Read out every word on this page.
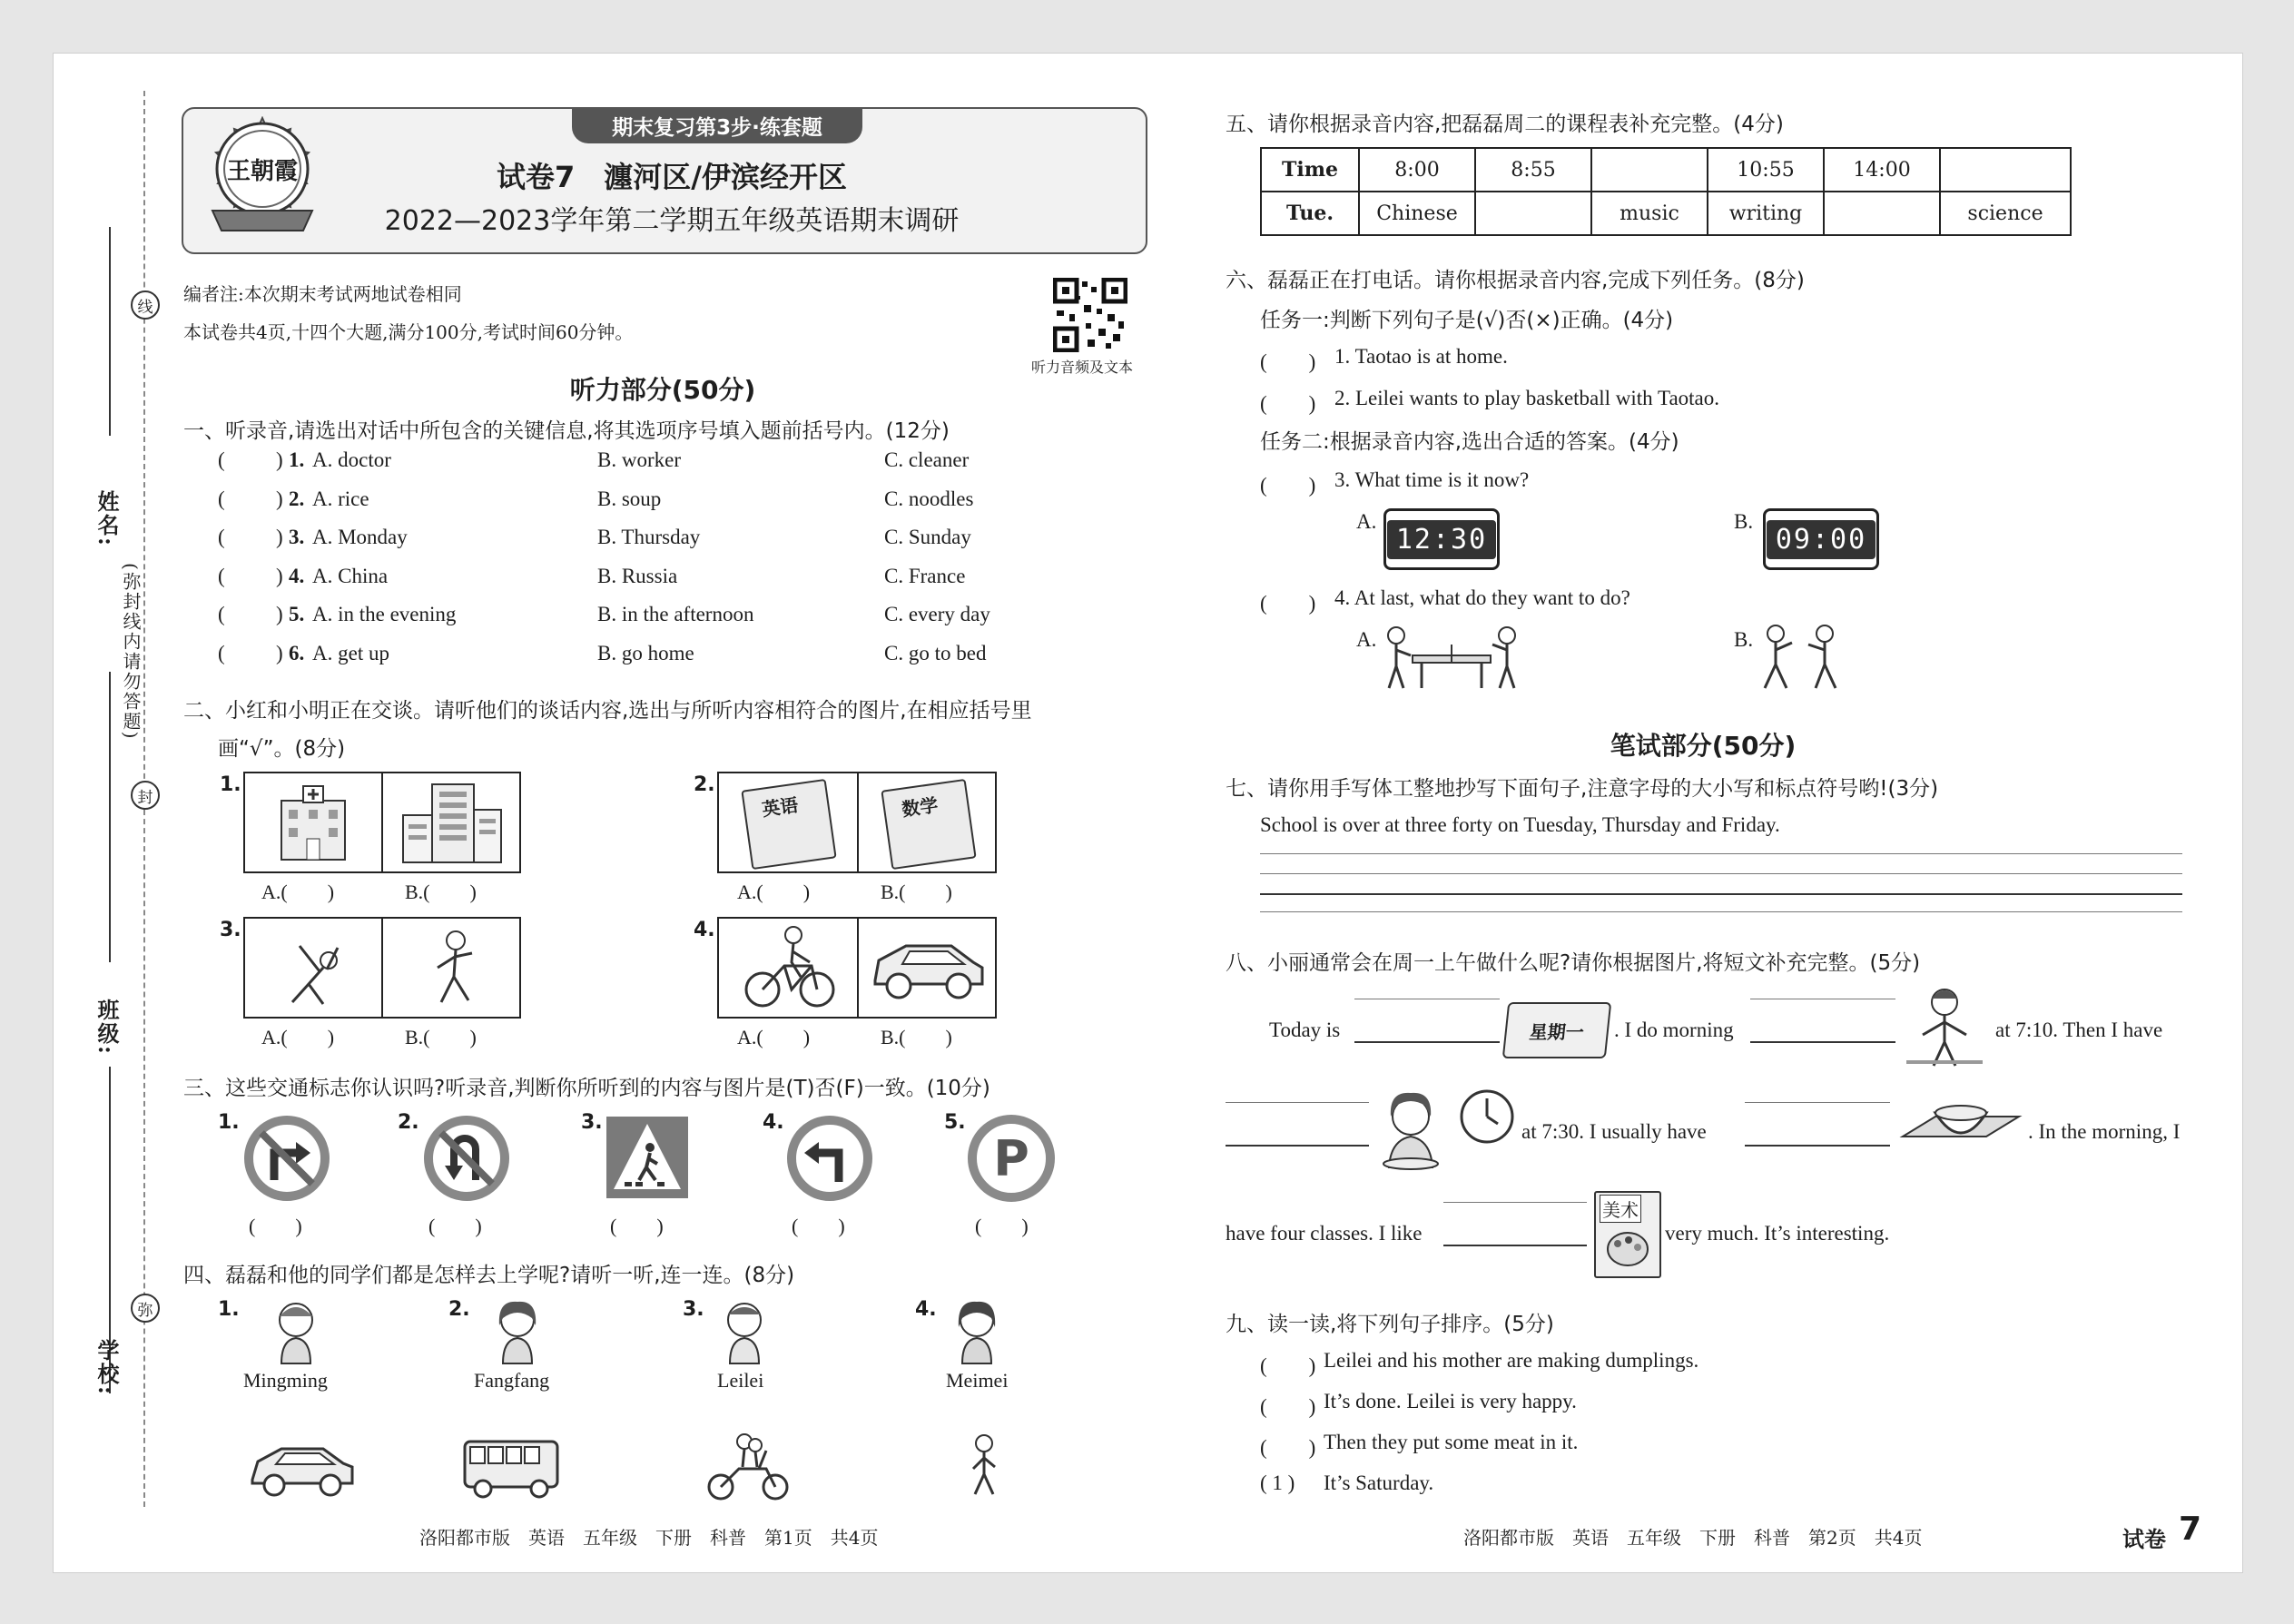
线
封
弥
(弥封线内请勿答题)
姓名:
班级:
学校:
王朝霞
期末复习第3步·练套题
试卷7　瀍河区/伊滨经开区
2022—2023学年第二学期五年级英语期末调研
编者注:本次期末考试两地试卷相同
本试卷共4页,十四个大题,满分100分,考试时间60分钟。
听力音频及文本
听力部分(50分)
一、听录音,请选出对话中所包含的关键信息,将其选项序号填入题前括号内。(12分)
( ) 1. A. doctor	B. worker	C. cleaner
( ) 2. A. rice	B. soup	C. noodles
( ) 3. A. Monday	B. Thursday	C. Sunday
( ) 4. A. China	B. Russia	C. France
( ) 5. A. in the evening	B. in the afternoon	C. every day
( ) 6. A. get up	B. go home	C. go to bed
二、小红和小明正在交谈。请听他们的谈话内容,选出与所听内容相符合的图片,在相应括号里
画“√”。(8分)
1.
A.(　　)	B.(　　)
2.
英语	数学
A.(　　)	B.(　　)
3.
A.(　　)	B.(　　)
4.
A.(　　)	B.(　　)
三、这些交通标志你认识吗?听录音,判断你所听到的内容与图片是(T)否(F)一致。(10分)
1.	2.	3.	4.	5.
P
(　　)	(　　)	(　　)	(　　)	(　　)
四、磊磊和他的同学们都是怎样去上学呢?请听一听,连一连。(8分)
1.	2.	3.	4.
Mingming	Fangfang	Leilei	Meimei
五、请你根据录音内容,把磊磊周二的课程表补充完整。(4分)
Time	8:00	8:55		10:55	14:00	
Tue.	Chinese		music	writing		science
六、磊磊正在打电话。请你根据录音内容,完成下列任务。(8分)
任务一:判断下列句子是(√)否(×)正确。(4分)
(　　) 1. Taotao is at home.
(　　) 2. Leilei wants to play basketball with Taotao.
任务二:根据录音内容,选出合适的答案。(4分)
(　　) 3. What time is it now?
A.
12:30
B.
09:00
(　　) 4. At last, what do they want to do?
A.	B.
笔试部分(50分)
七、请你用手写体工整地抄写下面句子,注意字母的大小写和标点符号哟!(3分)
School is over at three forty on Tuesday, Thursday and Friday.
八、小丽通常会在周一上午做什么呢?请你根据图片,将短文补充完整。(5分)
Today is	星期一 . I do morning	at 7:10. Then I have
at 7:30. I usually have	. In the morning, I
have four classes. I like
美术
very much. It’s interesting.
九、读一读,将下列句子排序。(5分)
(　　) Leilei and his mother are making dumplings.
(　　) It’s done. Leilei is very happy.
(　　) Then they put some meat in it.
( 1 ) It’s Saturday.
洛阳都市版　英语　五年级　下册　科普　第1页　共4页	洛阳都市版　英语　五年级　下册　科普　第2页　共4页	试卷 7
